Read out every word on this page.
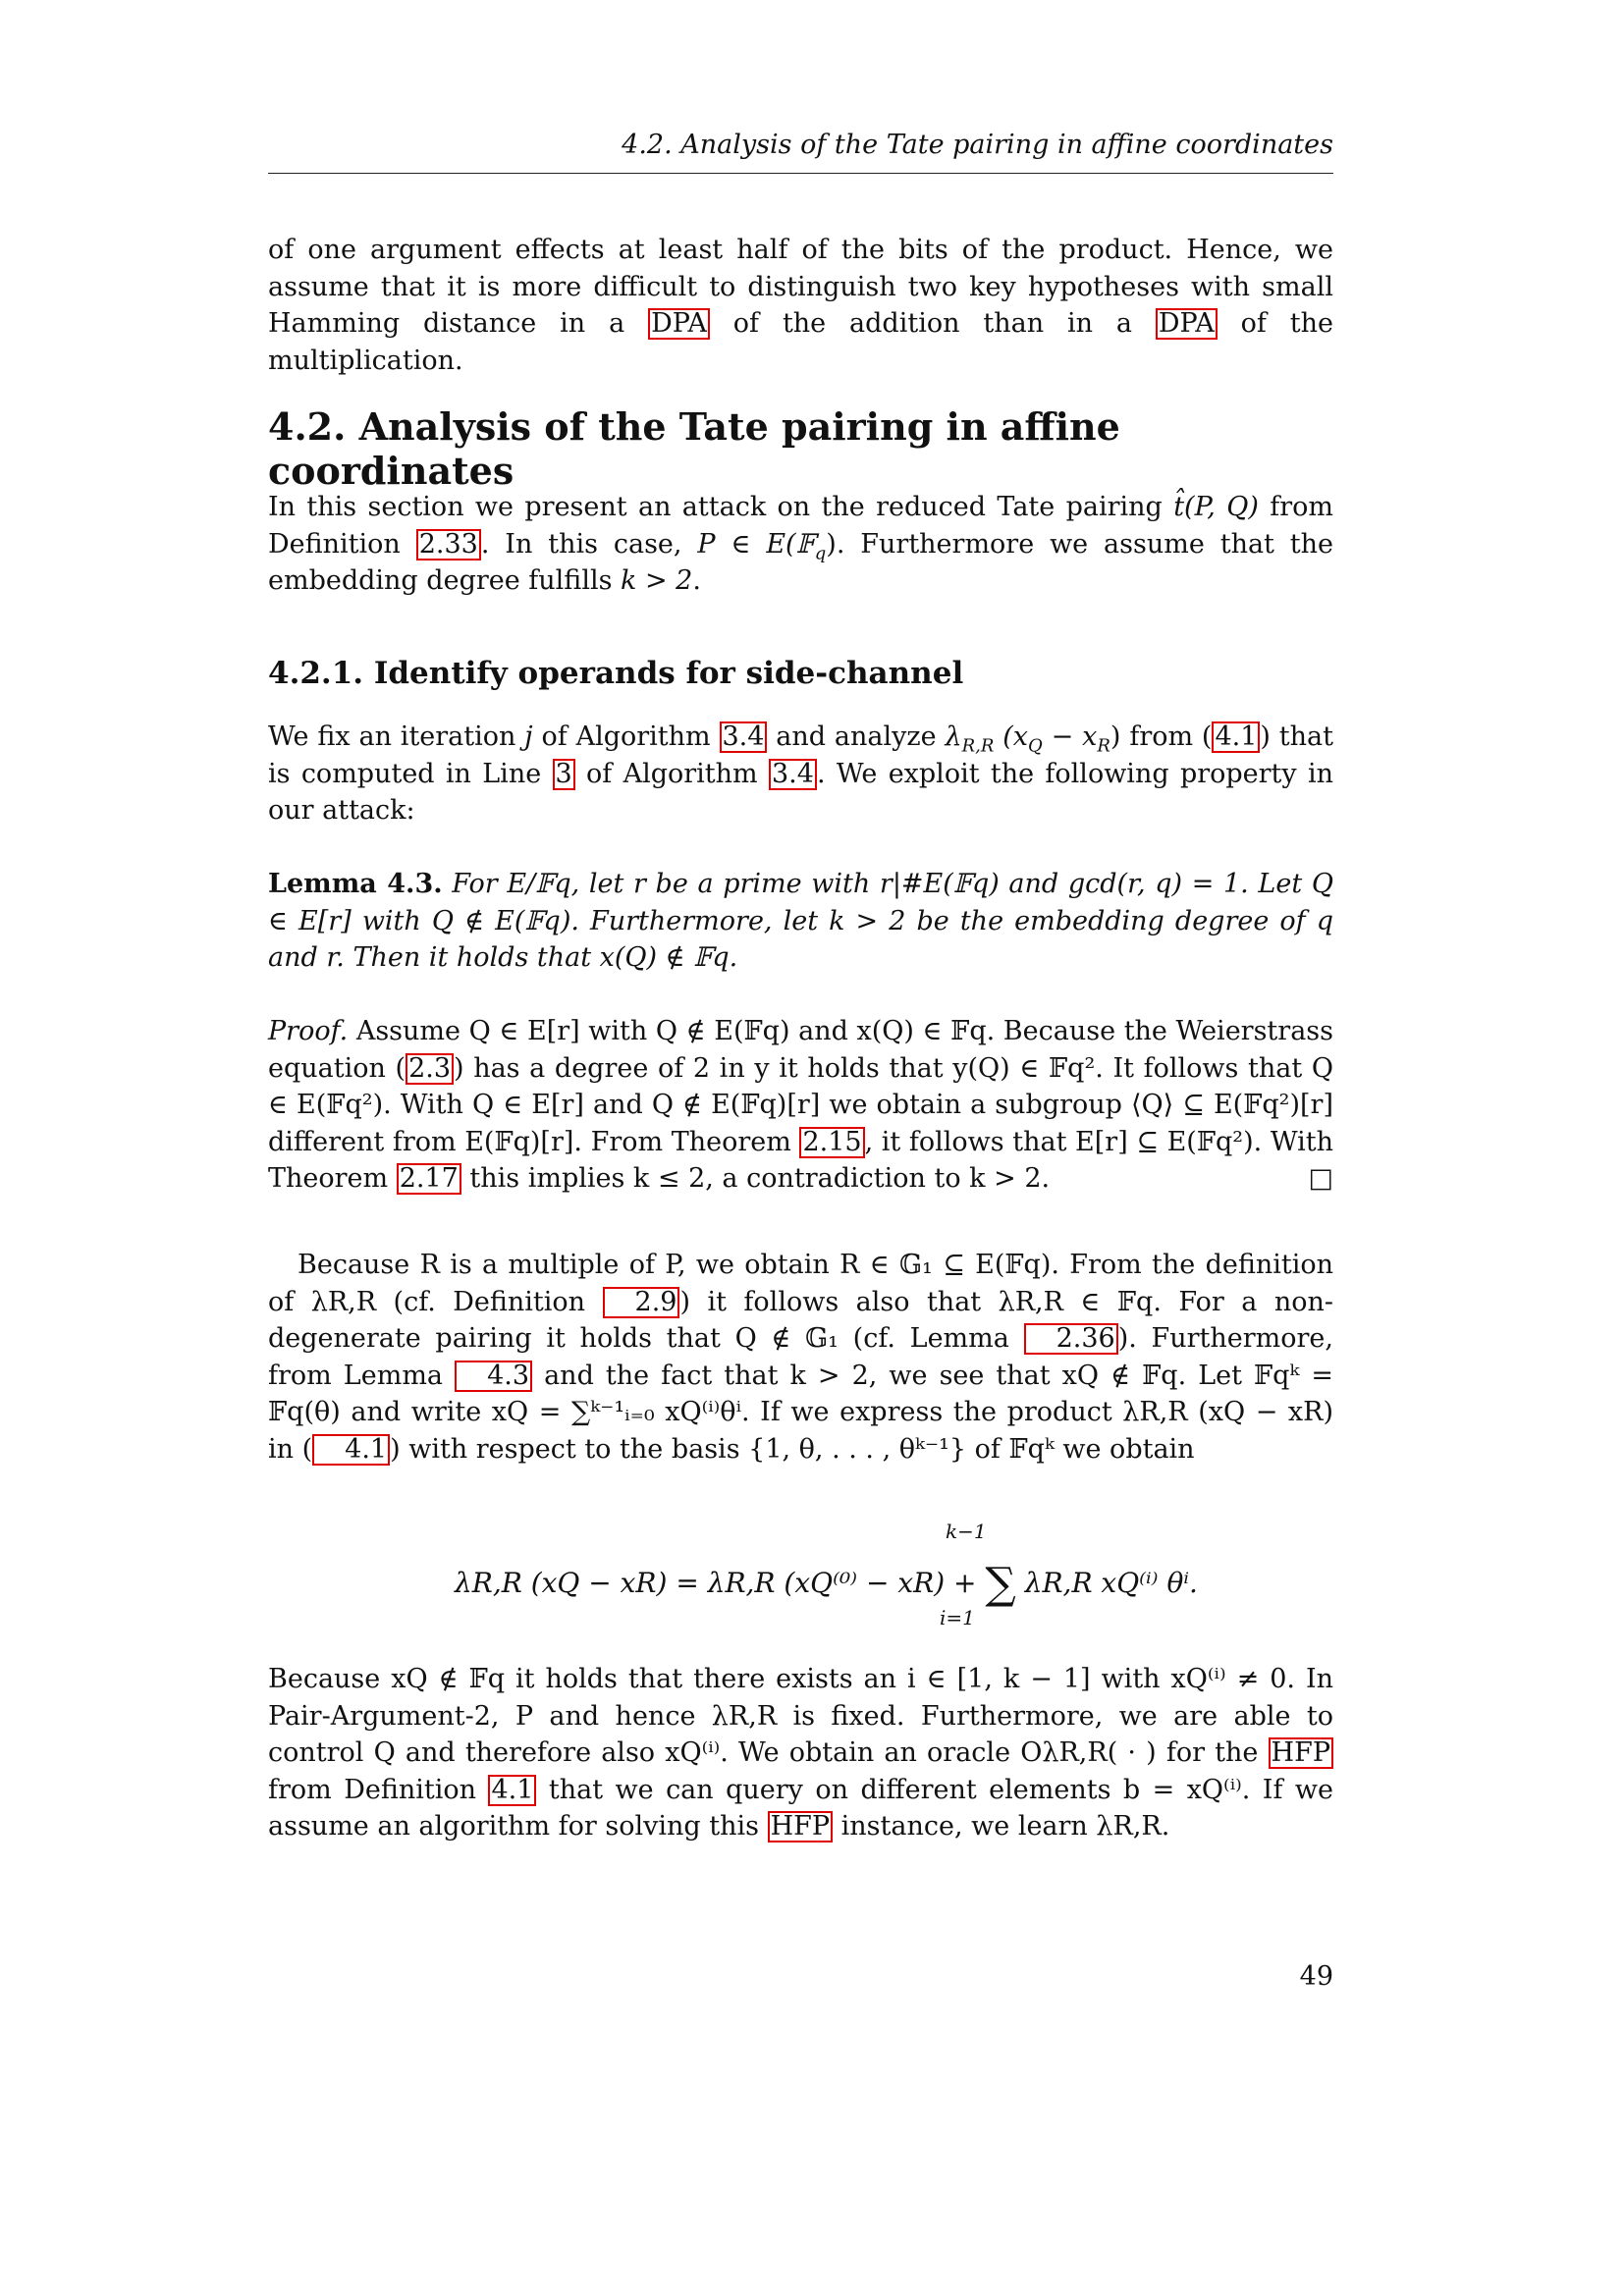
4.2. Analysis of the Tate pairing in affine coordinates

of one argument effects at least half of the bits of the product. Hence, we assume that it is more difficult to distinguish two key hypotheses with small Hamming distance in a DPA of the addition than in a DPA of the multiplication.

4.2. Analysis of the Tate pairing in affine coordinates

In this section we present an attack on the reduced Tate pairing t̂(P, Q) from Definition 2.33 . In this case, P ∈ E(𝔽$_q$). Furthermore we assume that the embedding degree fulfills k > 2.

4.2.1. Identify operands for side-channel

We fix an iteration j of Algorithm 3.4 and analyze $\lambda_{R,R}$ $(x_Q - x_R)$ from ( 4.1 ) that is computed in Line 3 of Algorithm 3.4 . We exploit the following property in our attack:

Lemma 4.3. For E/𝔽q, let r be a prime with r|#E(𝔽q) and gcd(r, q) = 1. Let Q ∈ E[r] with Q ∉ E(𝔽q). Furthermore, let k > 2 be the embedding degree of q and r. Then it holds that x(Q) ∉ 𝔽q.

Proof. Assume Q ∈ E[r] with Q ∉ E(𝔽q) and x(Q) ∈ 𝔽q. Because the Weierstrass equation ( 2.3 ) has a degree of 2 in y it holds that y(Q) ∈ 𝔽q². It follows that Q ∈ E(𝔽q²). With Q ∈ E[r] and Q ∉ E(𝔽q)[r] we obtain a subgroup ⟨Q⟩ ⊆ E(𝔽q²)[r] different from E(𝔽q)[r]. From Theorem 2.15 , it follows that E[r] ⊆ E(𝔽q²). With Theorem 2.17 this implies k ≤ 2, a contradiction to k > 2.	□

Because R is a multiple of P, we obtain R ∈ 𝔾₁ ⊆ E(𝔽q). From the definition of λR,R (cf. Definition 2.9 ) it follows also that λR,R ∈ 𝔽q. For a non-degenerate pairing it holds that Q ∉ 𝔾₁ (cf. Lemma 2.36 ). Furthermore, from Lemma 4.3 and the fact that k > 2, we see that xQ ∉ 𝔽q. Let 𝔽qᵏ = 𝔽q(θ) and write xQ = ∑ᵏ⁻¹ᵢ₌₀ xQ⁽ⁱ⁾θⁱ. If we express the product λR,R (xQ − xR) in ( 4.1 ) with respect to the basis {1, θ, . . . , θᵏ⁻¹} of 𝔽qᵏ we obtain

λR,R (xQ − xR) = λR,R (xQ⁽⁰⁾ − xR) + ∑ λR,R xQ⁽ⁱ⁾ θⁱ.
k−1
i=1

Because xQ ∉ 𝔽q it holds that there exists an i ∈ [1, k − 1] with xQ⁽ⁱ⁾ ≠ 0. In Pair-Argument-2, P and hence λR,R is fixed. Furthermore, we are able to control Q and therefore also xQ⁽ⁱ⁾. We obtain an oracle OλR,R( · ) for the HFP from Definition 4.1 that we can query on different elements b = xQ⁽ⁱ⁾. If we assume an algorithm for solving this HFP instance, we learn λR,R.

49
